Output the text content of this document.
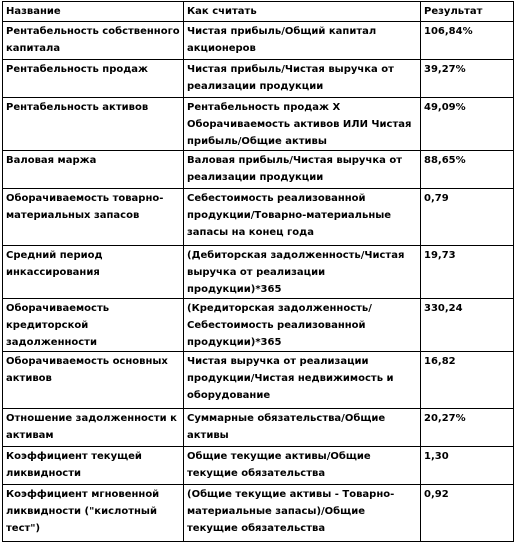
Название	Как считать	Результат
Рентабельность собственного капитала	Чистая прибыль/Общий капитал акционеров	106,84%
Рентабельность продаж	Чистая прибыль/Чистая выручка от реализации продукции	39,27%
Рентабельность активов	Рентабельность продаж Х Оборачиваемость активов ИЛИ Чистая прибыль/Общие активы	49,09%
Валовая маржа	Валовая прибыль/Чистая выручка от реализации продукции	88,65%
Оборачиваемость товарно-материальных запасов	Себестоимость реализованной продукции/Товарно-материальные запасы на конец года	0,79
Средний период инкассирования	(Дебиторская задолженность/Чистая выручка от реализации продукции)*365	19,73
Оборачиваемость кредиторской задолженности	(Кредиторская задолженность/Себестоимость реализованной продукции)*365	330,24
Оборачиваемость основных активов	Чистая выручка от реализации продукции/Чистая недвижимость и оборудование	16,82
Отношение задолженности к активам	Суммарные обязательства/Общие активы	20,27%
Коэффициент текущей ликвидности	Общие текущие активы/Общие текущие обязательства	1,30
Коэффициент мгновенной ликвидности ("кислотный тест")	(Общие текущие активы - Товарно-материальные запасы)/Общие текущие обязательства	0,92
